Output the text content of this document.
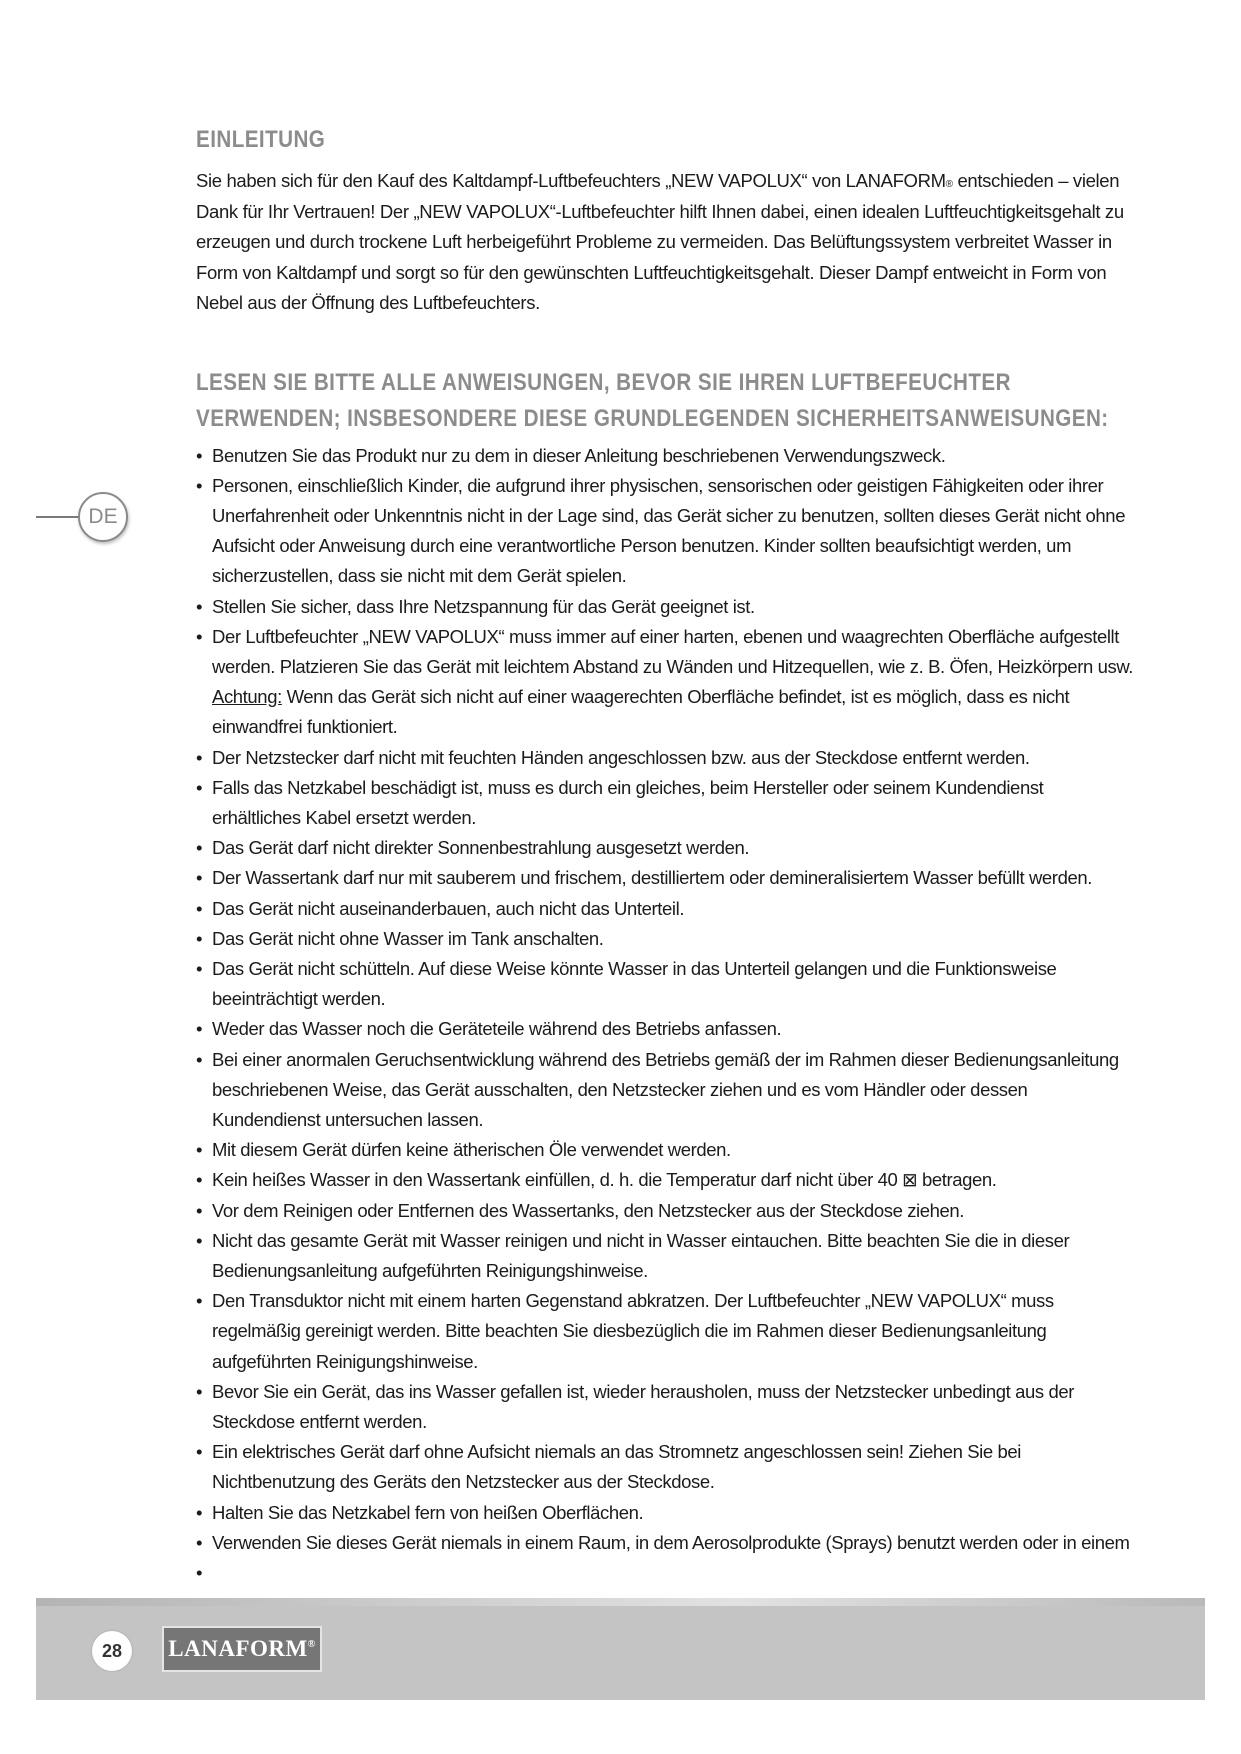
EINLEITUNG

Sie haben sich für den Kauf des Kaltdampf-Luftbefeuchters „NEW VAPOLUX“ von LANAFORM® entschieden – vielen Dank für Ihr Vertrauen! Der „NEW VAPOLUX“-Luftbefeuchter hilft Ihnen dabei, einen idealen Luftfeuchtigkeitsgehalt zu erzeugen und durch trockene Luft herbeigeführt Probleme zu vermeiden. Das Belüftungssystem verbreitet Wasser in Form von Kaltdampf und sorgt so für den gewünschten Luftfeuchtigkeitsgehalt. Dieser Dampf entweicht in Form von Nebel aus der Öffnung des Luftbefeuchters.

LESEN SIE BITTE ALLE ANWEISUNGEN, BEVOR SIE IHREN LUFTBEFEUCHTER
VERWENDEN; INSBESONDERE DIESE GRUNDLEGENDEN SICHERHEITSANWEISUNGEN:
• Benutzen Sie das Produkt nur zu dem in dieser Anleitung beschriebenen Verwendungszweck.
• Personen, einschließlich Kinder, die aufgrund ihrer physischen, sensorischen oder geistigen Fähigkeiten oder ihrer Unerfahrenheit oder Unkenntnis nicht in der Lage sind, das Gerät sicher zu benutzen, sollten dieses Gerät nicht ohne Aufsicht oder Anweisung durch eine verantwortliche Person benutzen. Kinder sollten beaufsichtigt werden, um sicherzustellen, dass sie nicht mit dem Gerät spielen.
• Stellen Sie sicher, dass Ihre Netzspannung für das Gerät geeignet ist.
• Der Luftbefeuchter „NEW VAPOLUX“ muss immer auf einer harten, ebenen und waagrechten Oberfläche aufgestellt werden. Platzieren Sie das Gerät mit leichtem Abstand zu Wänden und Hitzequellen, wie z. B. Öfen, Heizkörpern usw.
Achtung: Wenn das Gerät sich nicht auf einer waagerechten Oberfläche befindet, ist es möglich, dass es nicht einwandfrei funktioniert.
• Der Netzstecker darf nicht mit feuchten Händen angeschlossen bzw. aus der Steckdose entfernt werden.
• Falls das Netzkabel beschädigt ist, muss es durch ein gleiches, beim Hersteller oder seinem Kundendienst erhältliches Kabel ersetzt werden.
• Das Gerät darf nicht direkter Sonnenbestrahlung ausgesetzt werden.
• Der Wassertank darf nur mit sauberem und frischem, destilliertem oder demineralisiertem Wasser befüllt werden.
• Das Gerät nicht auseinanderbauen, auch nicht das Unterteil.
• Das Gerät nicht ohne Wasser im Tank anschalten.
• Das Gerät nicht schütteln. Auf diese Weise könnte Wasser in das Unterteil gelangen und die Funktionsweise beeinträchtigt werden.
• Weder das Wasser noch die Geräteteile während des Betriebs anfassen.
• Bei einer anormalen Geruchsentwicklung während des Betriebs gemäß der im Rahmen dieser Bedienungsanleitung beschriebenen Weise, das Gerät ausschalten, den Netzstecker ziehen und es vom Händler oder dessen Kundendienst untersuchen lassen.
• Mit diesem Gerät dürfen keine ätherischen Öle verwendet werden.
• Kein heißes Wasser in den Wassertank einfüllen, d. h. die Temperatur darf nicht über 40 ⊠ betragen.
• Vor dem Reinigen oder Entfernen des Wassertanks, den Netzstecker aus der Steckdose ziehen.
• Nicht das gesamte Gerät mit Wasser reinigen und nicht in Wasser eintauchen. Bitte beachten Sie die in dieser Bedienungsanleitung aufgeführten Reinigungshinweise.
• Den Transduktor nicht mit einem harten Gegenstand abkratzen. Der Luftbefeuchter „NEW VAPOLUX“ muss regelmäßig gereinigt werden. Bitte beachten Sie diesbezüglich die im Rahmen dieser Bedienungsanleitung aufgeführten Reinigungshinweise.
• Bevor Sie ein Gerät, das ins Wasser gefallen ist, wieder herausholen, muss der Netzstecker unbedingt aus der Steckdose entfernt werden.
• Ein elektrisches Gerät darf ohne Aufsicht niemals an das Stromnetz angeschlossen sein! Ziehen Sie bei Nichtbenutzung des Geräts den Netzstecker aus der Steckdose.
• Halten Sie das Netzkabel fern von heißen Oberflächen.
• Verwenden Sie dieses Gerät niemals in einem Raum, in dem Aerosolprodukte (Sprays) benutzt werden oder in einem
•
DE
28	LANAFORM®
